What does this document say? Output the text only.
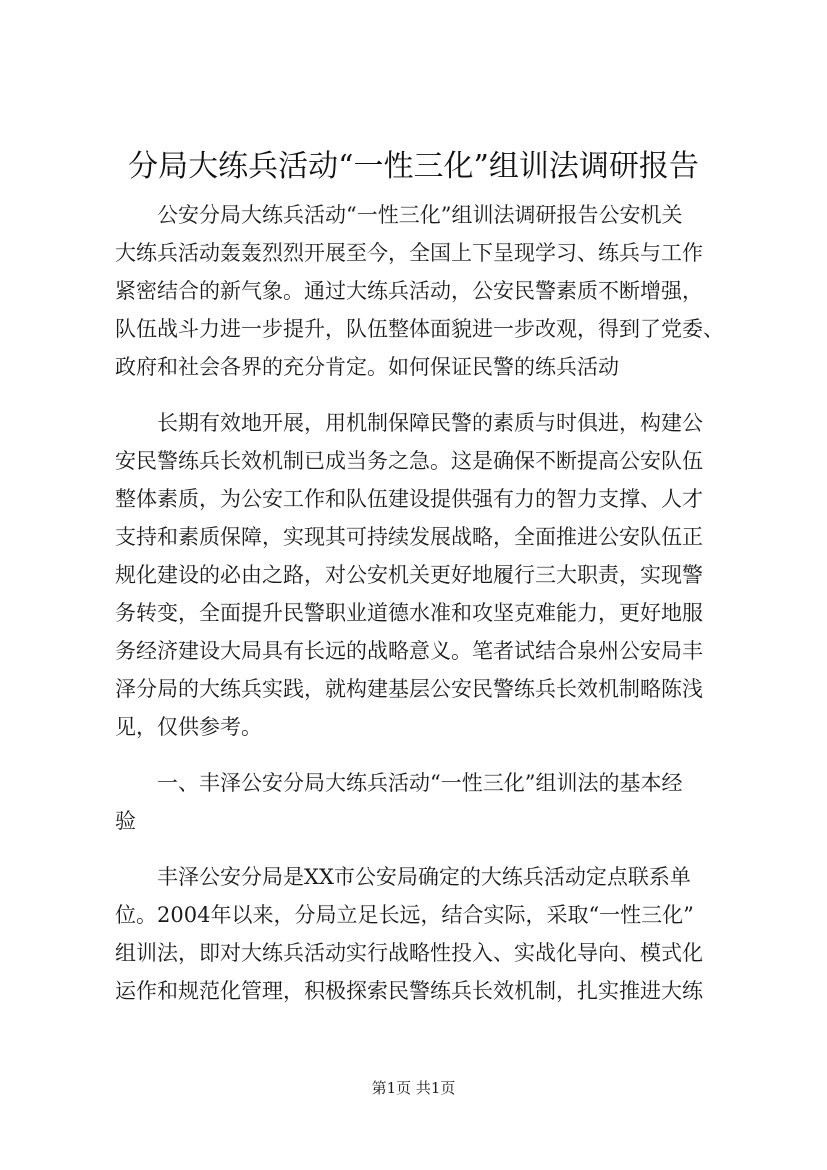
分局大练兵活动“一性三化”组训法调研报告
公安分局大练兵活动“一性三化”组训法调研报告公安机关
大练兵活动轰轰烈烈开展至今，全国上下呈现学习、练兵与工作
紧密结合的新气象。通过大练兵活动，公安民警素质不断增强，
队伍战斗力进一步提升，队伍整体面貌进一步改观，得到了党委、
政府和社会各界的充分肯定。如何保证民警的练兵活动
长期有效地开展，用机制保障民警的素质与时俱进，构建公
安民警练兵长效机制已成当务之急。这是确保不断提高公安队伍
整体素质，为公安工作和队伍建设提供强有力的智力支撑、人才
支持和素质保障，实现其可持续发展战略，全面推进公安队伍正
规化建设的必由之路，对公安机关更好地履行三大职责，实现警
务转变，全面提升民警职业道德水准和攻坚克难能力，更好地服
务经济建设大局具有长远的战略意义。笔者试结合泉州公安局丰
泽分局的大练兵实践，就构建基层公安民警练兵长效机制略陈浅
见，仅供参考。
一、丰泽公安分局大练兵活动“一性三化”组训法的基本经
验
丰泽公安分局是XX市公安局确定的大练兵活动定点联系单
位。2004年以来，分局立足长远，结合实际，采取“一性三化”
组训法，即对大练兵活动实行战略性投入、实战化导向、模式化
运作和规范化管理，积极探索民警练兵长效机制，扎实推进大练
第1页 共1页
